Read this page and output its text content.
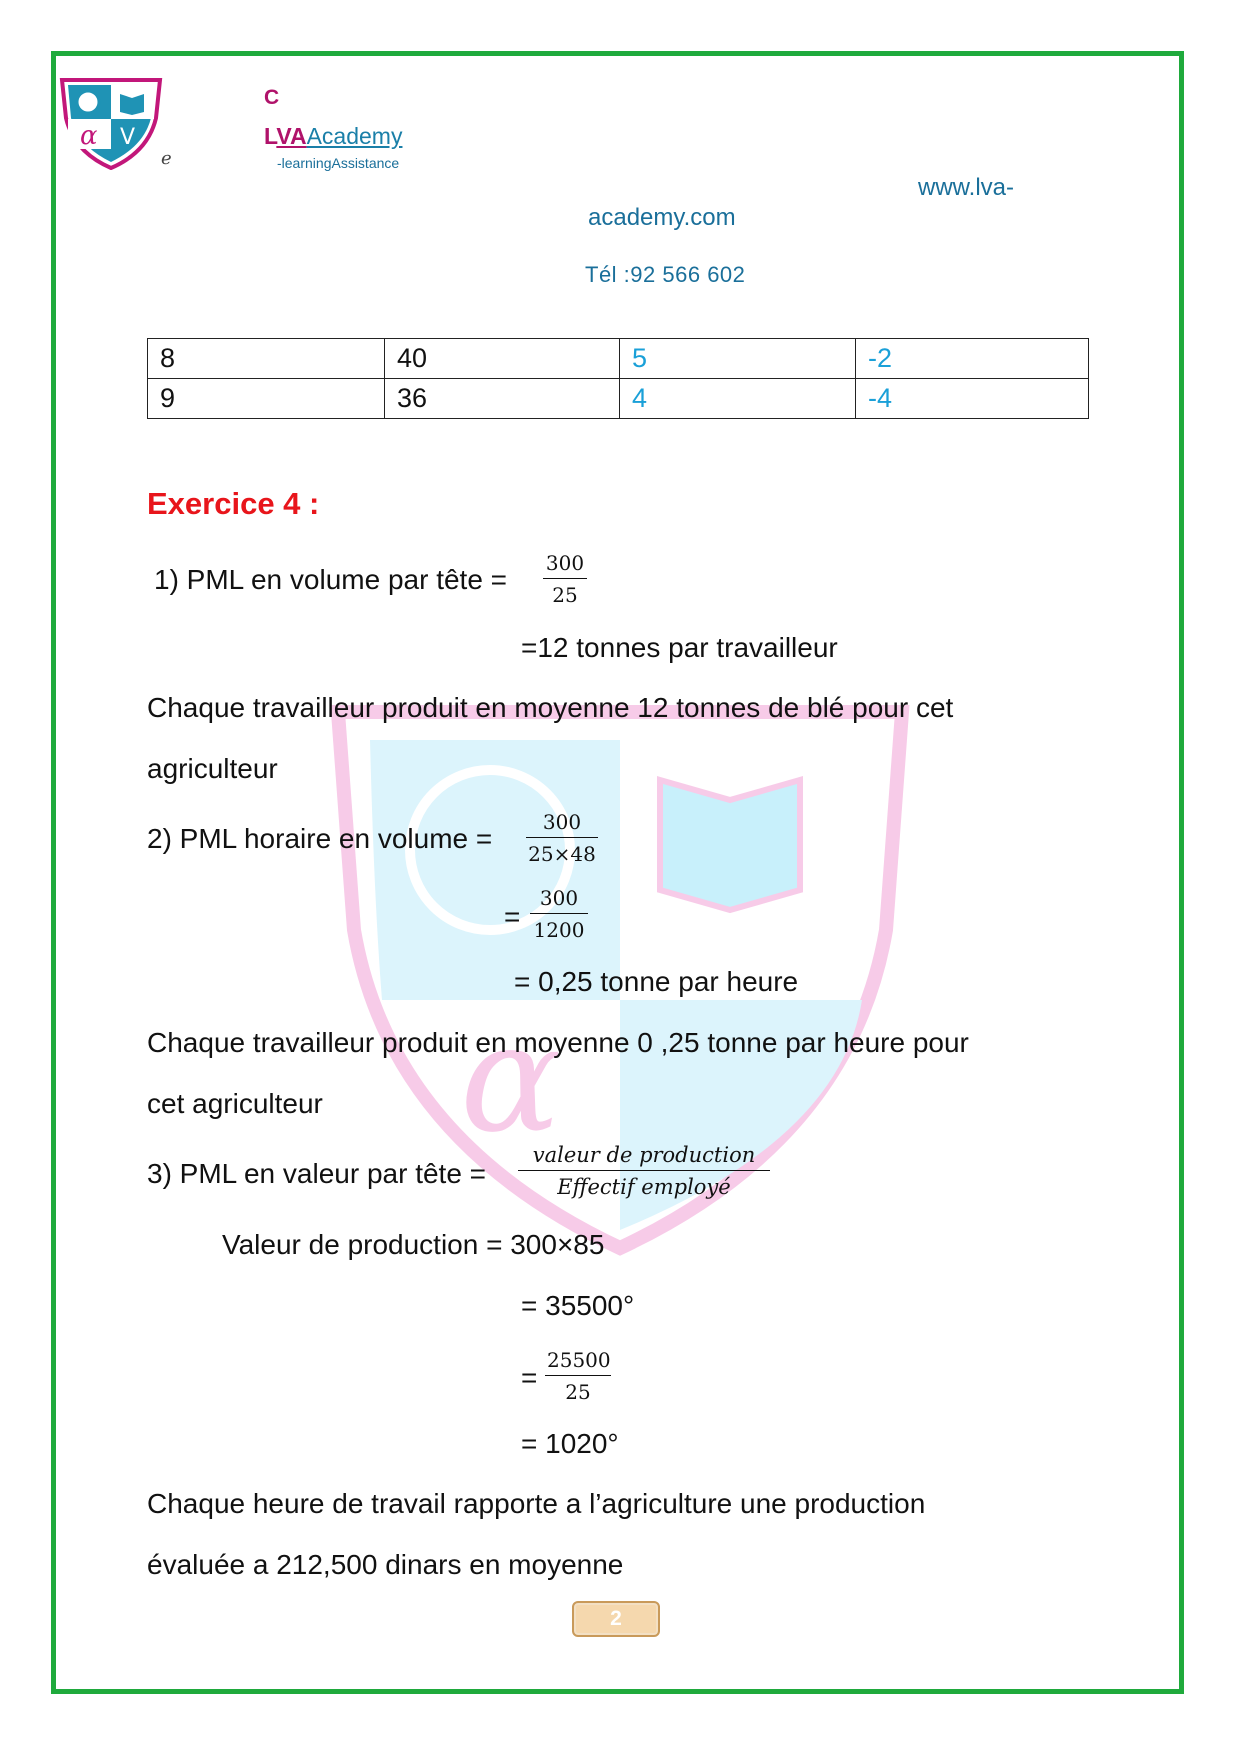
α V
e
C
LVAAcademy
-learningAssistance
www.lva-
academy.com
Tél :92 566 602
8	40	5	-2
9	36	4	-4
α
Exercice 4 :
1) PML en volume par tête = $\frac{300}{25}$
=12 tonnes par travailleur
Chaque travailleur produit en moyenne 12 tonnes de blé pour cet
agriculteur
2) PML horaire en volume = $\frac{300}{25\times 48}$
= $\frac{300}{1200}$
= 0,25 tonne par heure
Chaque travailleur produit en moyenne 0 ,25 tonne par heure pour
cet agriculteur
3) PML en valeur par tête =
valeur de production
Effectif employé
Valeur de production = 300×85
= 35500°
= $\frac{25500}{25}$
= 1020°
Chaque heure de travail rapporte a l’agriculture une production
évaluée a 212,500 dinars en moyenne
2
